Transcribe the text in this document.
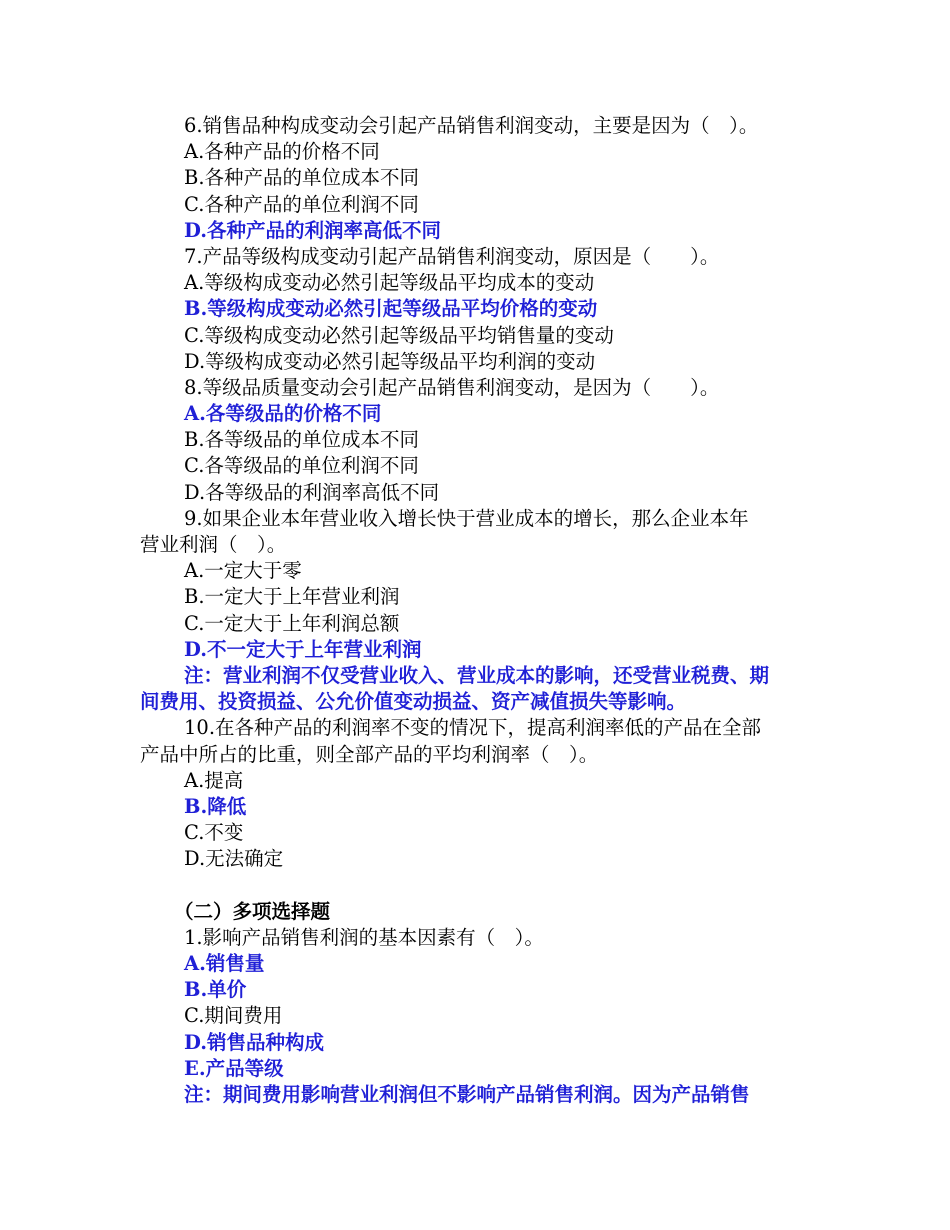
6.销售品种构成变动会引起产品销售利润变动，主要是因为（　）。
A.各种产品的价格不同
B.各种产品的单位成本不同
C.各种产品的单位利润不同
D.各种产品的利润率高低不同
7.产品等级构成变动引起产品销售利润变动，原因是（　　）。
A.等级构成变动必然引起等级品平均成本的变动
B.等级构成变动必然引起等级品平均价格的变动
C.等级构成变动必然引起等级品平均销售量的变动
D.等级构成变动必然引起等级品平均利润的变动
8.等级品质量变动会引起产品销售利润变动，是因为（　　）。
A.各等级品的价格不同
B.各等级品的单位成本不同
C.各等级品的单位利润不同
D.各等级品的利润率高低不同
9.如果企业本年营业收入增长快于营业成本的增长，那么企业本年
营业利润（　）。
A.一定大于零
B.一定大于上年营业利润
C.一定大于上年利润总额
D.不一定大于上年营业利润
注：营业利润不仅受营业收入、营业成本的影响，还受营业税费、期
间费用、投资损益、公允价值变动损益、资产减值损失等影响。
10.在各种产品的利润率不变的情况下，提高利润率低的产品在全部
产品中所占的比重，则全部产品的平均利润率（　）。
A.提高
B.降低
C.不变
D.无法确定
（二）多项选择题
1.影响产品销售利润的基本因素有（　）。
A.销售量
B.单价
C.期间费用
D.销售品种构成
E.产品等级
注：期间费用影响营业利润但不影响产品销售利润。因为产品销售
